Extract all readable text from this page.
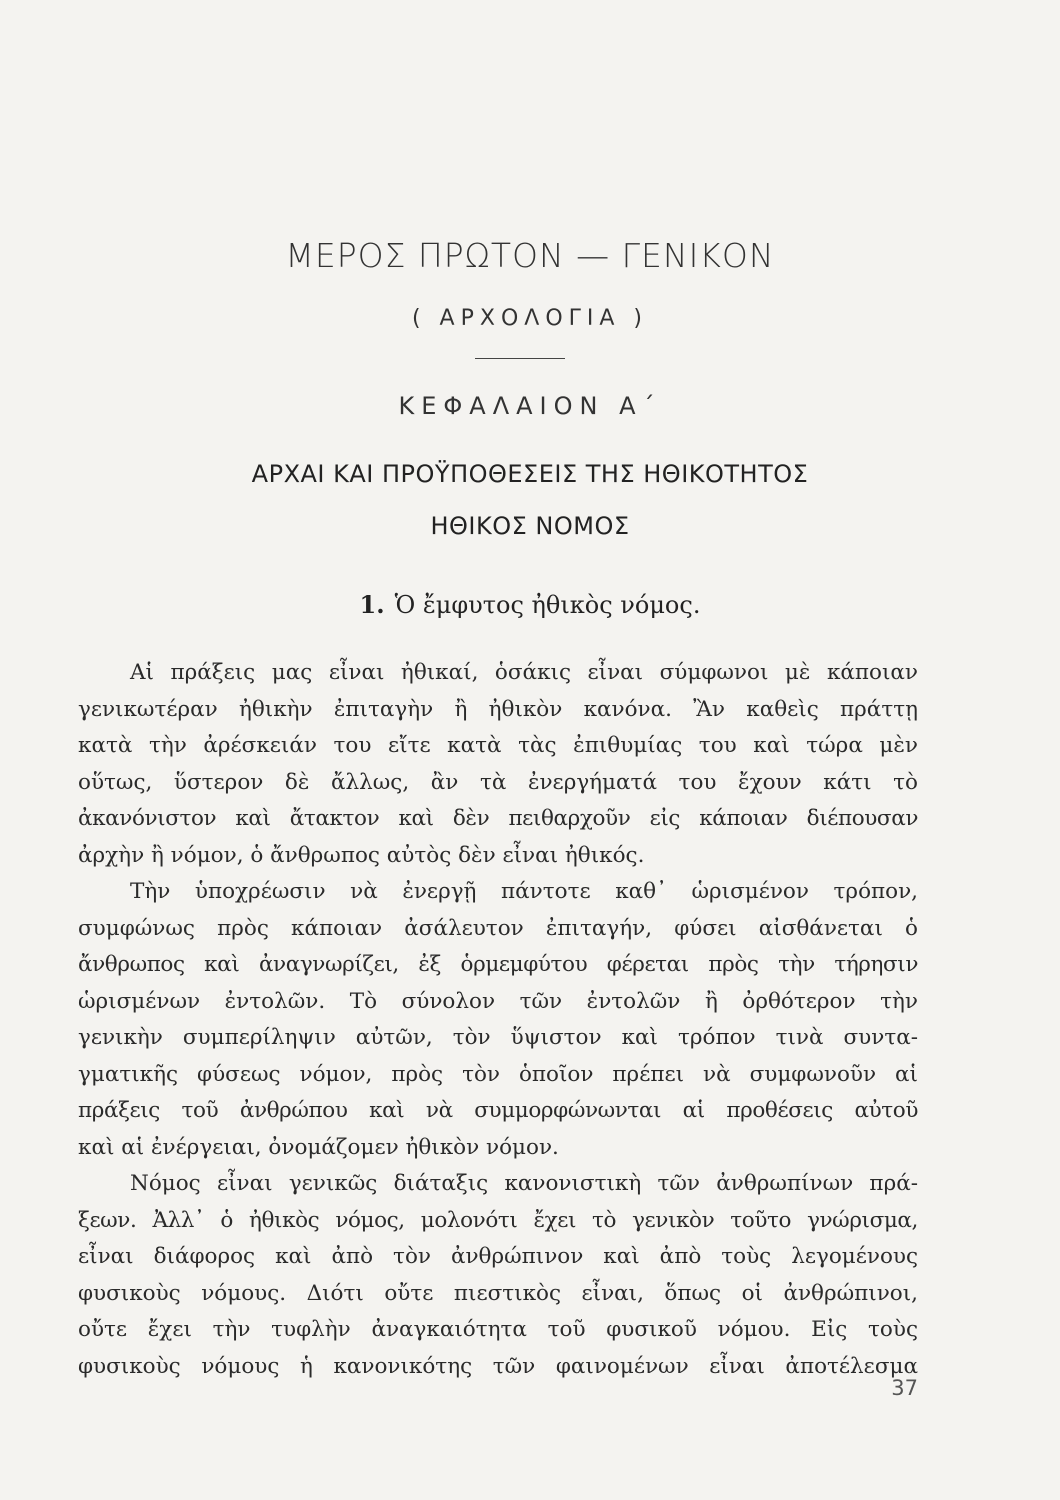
ΜΕΡΟΣ ΠΡΩΤΟΝ — ΓΕΝΙΚΟΝ
( ΑΡΧΟΛΟΓΙΑ )
ΚΕΦΑΛΑΙΟΝ Α΄
ΑΡΧΑΙ ΚΑΙ ΠΡΟΫΠΟΘΕΣΕΙΣ ΤΗΣ ΗΘΙΚΟΤΗΤΟΣ
ΗΘΙΚΟΣ ΝΟΜΟΣ
1. Ὁ ἔμφυτος ἠθικὸς νόμος.
Αἱ πράξεις μας εἶναι ἠθικαί, ὁσάκις εἶναι σύμφωνοι μὲ κάποιαν
γενικωτέραν ἠθικὴν ἐπιταγὴν ἢ ἠθικὸν κανόνα. Ἂν καθεὶς πράττῃ
κατὰ τὴν ἀρέσκειάν του εἴτε κατὰ τὰς ἐπιθυμίας του καὶ τώρα μὲν
οὕτως, ὕστερον δὲ ἄλλως, ἂν τὰ ἐνεργήματά του ἔχουν κάτι τὸ
ἀκανόνιστον καὶ ἄτακτον καὶ δὲν πειθαρχοῦν εἰς κάποιαν διέπουσαν
ἀρχὴν ἢ νόμον, ὁ ἄνθρωπος αὐτὸς δὲν εἶναι ἠθικός.
Τὴν ὑποχρέωσιν νὰ ἐνεργῇ πάντοτε καθ᾽ ὡρισμένον τρόπον,
συμφώνως πρὸς κάποιαν ἀσάλευτον ἐπιταγήν, φύσει αἰσθάνεται ὁ
ἄνθρωπος καὶ ἀναγνωρίζει, ἐξ ὁρμεμφύτου φέρεται πρὸς τὴν τήρησιν
ὡρισμένων ἐντολῶν. Τὸ σύνολον τῶν ἐντολῶν ἢ ὀρθότερον τὴν
γενικὴν συμπερίληψιν αὐτῶν, τὸν ὕψιστον καὶ τρόπον τινὰ συντα-
γματικῆς φύσεως νόμον, πρὸς τὸν ὁποῖον πρέπει νὰ συμφωνοῦν αἱ
πράξεις τοῦ ἀνθρώπου καὶ νὰ συμμορφώνωνται αἱ προθέσεις αὐτοῦ
καὶ αἱ ἐνέργειαι, ὀνομάζομεν ἠθικὸν νόμον.
Νόμος εἶναι γενικῶς διάταξις κανονιστικὴ τῶν ἀνθρωπίνων πρά-
ξεων. Ἀλλ᾽ ὁ ἠθικὸς νόμος, μολονότι ἔχει τὸ γενικὸν τοῦτο γνώρισμα,
εἶναι διάφορος καὶ ἀπὸ τὸν ἀνθρώπινον καὶ ἀπὸ τοὺς λεγομένους
φυσικοὺς νόμους. Διότι οὔτε πιεστικὸς εἶναι, ὅπως οἱ ἀνθρώπινοι,
οὔτε ἔχει τὴν τυφλὴν ἀναγκαιότητα τοῦ φυσικοῦ νόμου. Εἰς τοὺς
φυσικοὺς νόμους ἡ κανονικότης τῶν φαινομένων εἶναι ἀποτέλεσμα
37
